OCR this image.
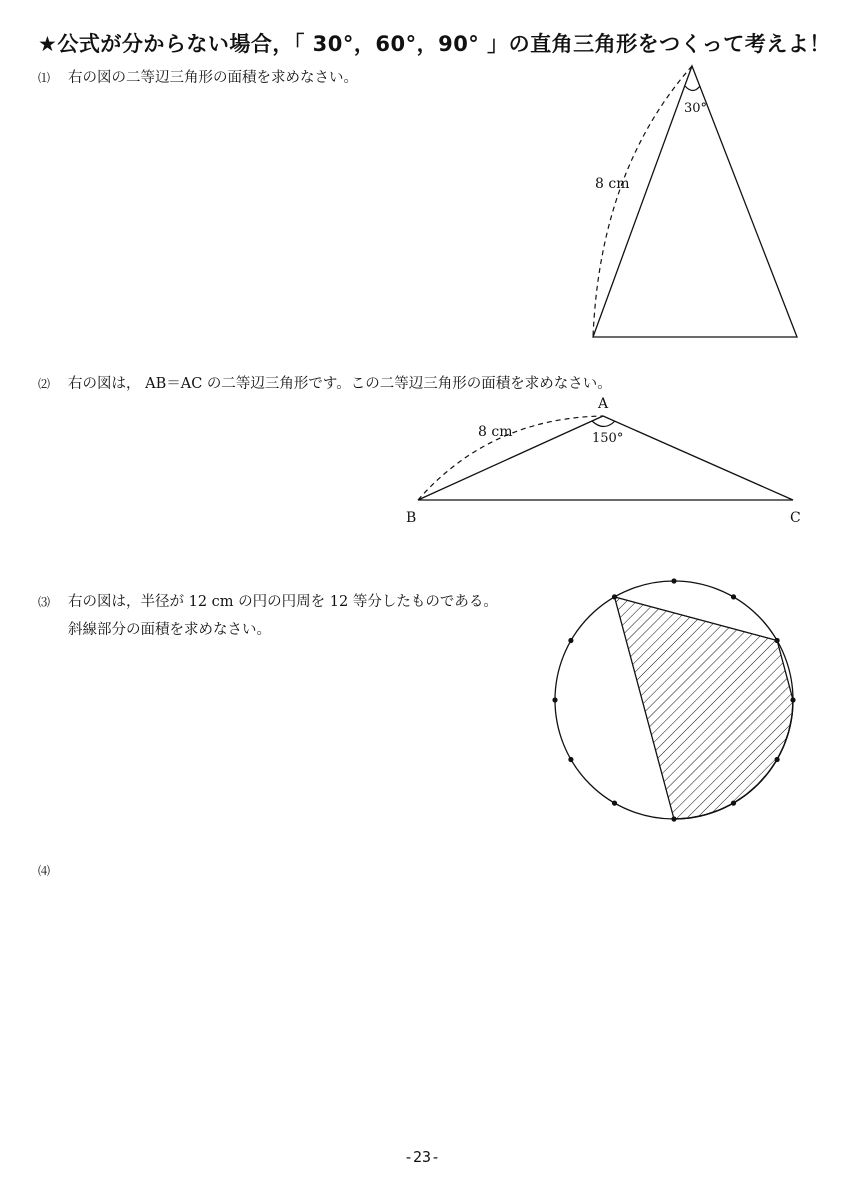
★公式が分からない場合，「 30°，60°，90° 」の直角三角形をつくって考えよ！
⑴ 右の図の二等辺三角形の面積を求めなさい。
⑵ 右の図は， AB＝AC の二等辺三角形です。この二等辺三角形の面積を求めなさい。
⑶ 右の図は，半径が 12 cm の円の円周を 12 等分したものである。
斜線部分の面積を求めなさい。
⑷
30°
8 cm
A
B	C
8 cm	150°
-23-
